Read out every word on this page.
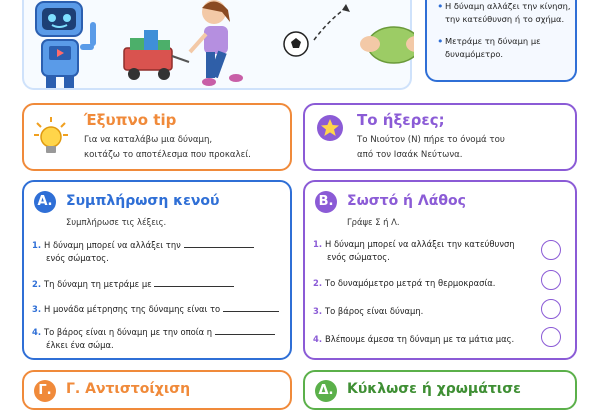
• Η δύναμη αλλάζει την κίνηση, την κατεύθυνση ή το σχήμα.
• Μετράμε τη δύναμη με δυναμόμετρο.
Έξυπνο tip
Για να καταλάβω μια δύναμη,
κοιτάζω το αποτέλεσμα που προκαλεί.
Το ήξερες;
Το Νιούτον (Ν) πήρε το όνομά του
από τον Ισαάκ Νεύτωνα.
Α. Συμπλήρωση κενού
Συμπλήρωσε τις λέξεις.
1. Η δύναμη μπορεί να αλλάξει την
ενός σώματος.
2. Τη δύναμη τη μετράμε με
3. Η μονάδα μέτρησης της δύναμης είναι το
4. Το βάρος είναι η δύναμη με την οποία η
έλκει ένα σώμα.
Β. Σωστό ή Λάθος
Γράψε Σ ή Λ.
1. Η δύναμη μπορεί να αλλάξει την κατεύθυνση
ενός σώματος.
2. Το δυναμόμετρο μετρά τη θερμοκρασία.
3. Το βάρος είναι δύναμη.
4. Βλέπουμε άμεσα τη δύναμη με τα μάτια μας.
Γ.	Γ. Αντιστοίχιση	Δ. Κύκλωσε ή χρωμάτισε
